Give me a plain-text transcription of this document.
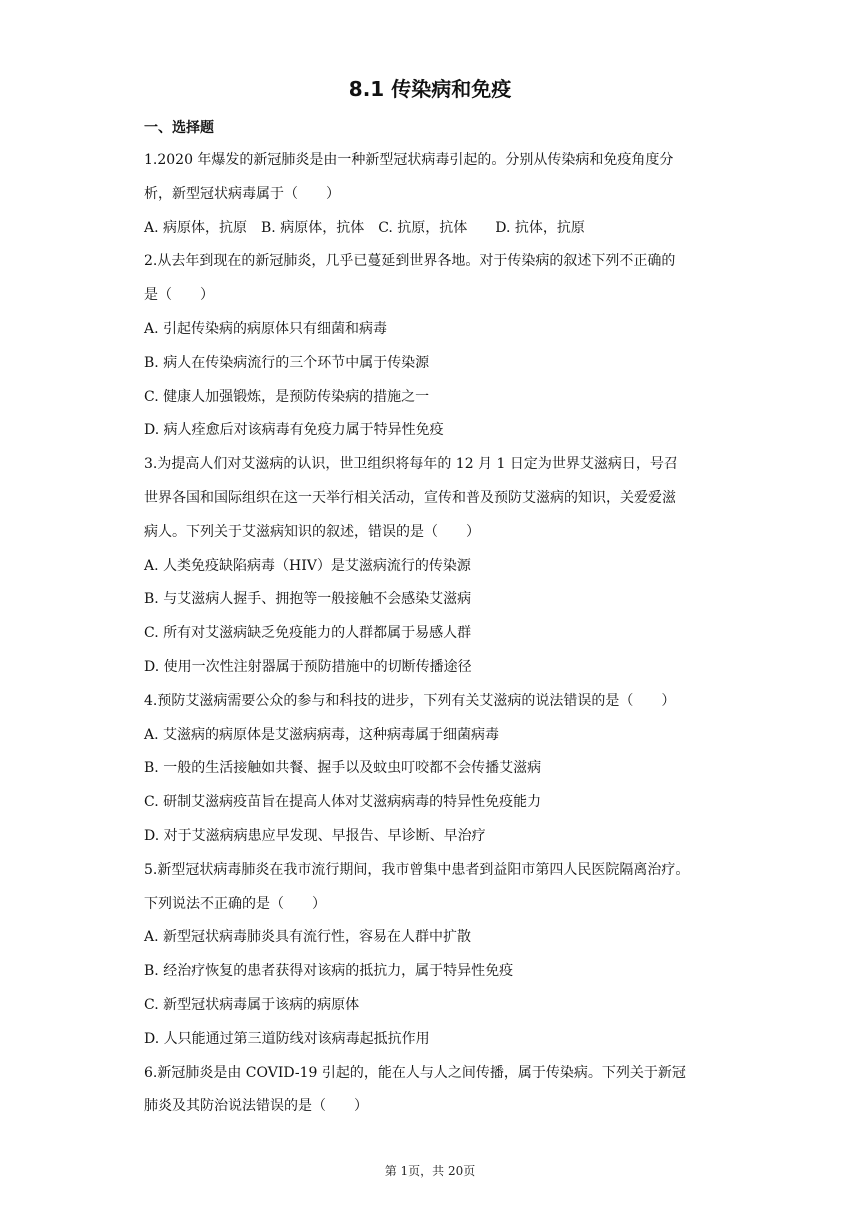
8.1 传染病和免疫
一、选择题
1.2020 年爆发的新冠肺炎是由一种新型冠状病毒引起的。分别从传染病和免疫角度分
析，新型冠状病毒属于（　　）
A. 病原体，抗原　B. 病原体，抗体　C. 抗原，抗体　　D. 抗体，抗原
2.从去年到现在的新冠肺炎，几乎已蔓延到世界各地。对于传染病的叙述下列不正确的
是（　　）
A. 引起传染病的病原体只有细菌和病毒
B. 病人在传染病流行的三个环节中属于传染源
C. 健康人加强锻炼，是预防传染病的措施之一
D. 病人痊愈后对该病毒有免疫力属于特异性免疫
3.为提高人们对艾滋病的认识，世卫组织将每年的 12 月 1 日定为世界艾滋病日，号召
世界各国和国际组织在这一天举行相关活动，宣传和普及预防艾滋病的知识，关爱爱滋
病人。下列关于艾滋病知识的叙述，错误的是（　　）
A. 人类免疫缺陷病毒（HIV）是艾滋病流行的传染源
B. 与艾滋病人握手、拥抱等一般接触不会感染艾滋病
C. 所有对艾滋病缺乏免疫能力的人群都属于易感人群
D. 使用一次性注射器属于预防措施中的切断传播途径
4.预防艾滋病需要公众的参与和科技的进步，下列有关艾滋病的说法错误的是（　　）
A. 艾滋病的病原体是艾滋病病毒，这种病毒属于细菌病毒
B. 一般的生活接触如共餐、握手以及蚊虫叮咬都不会传播艾滋病
C. 研制艾滋病疫苗旨在提高人体对艾滋病病毒的特异性免疫能力
D. 对于艾滋病病患应早发现、早报告、早诊断、早治疗
5.新型冠状病毒肺炎在我市流行期间，我市曾集中患者到益阳市第四人民医院隔离治疗。
下列说法不正确的是（　　）
A. 新型冠状病毒肺炎具有流行性，容易在人群中扩散
B. 经治疗恢复的患者获得对该病的抵抗力，属于特异性免疫
C. 新型冠状病毒属于该病的病原体
D. 人只能通过第三道防线对该病毒起抵抗作用
6.新冠肺炎是由 COVID-19 引起的，能在人与人之间传播，属于传染病。下列关于新冠
肺炎及其防治说法错误的是（　　）
第 1页，共 20页
